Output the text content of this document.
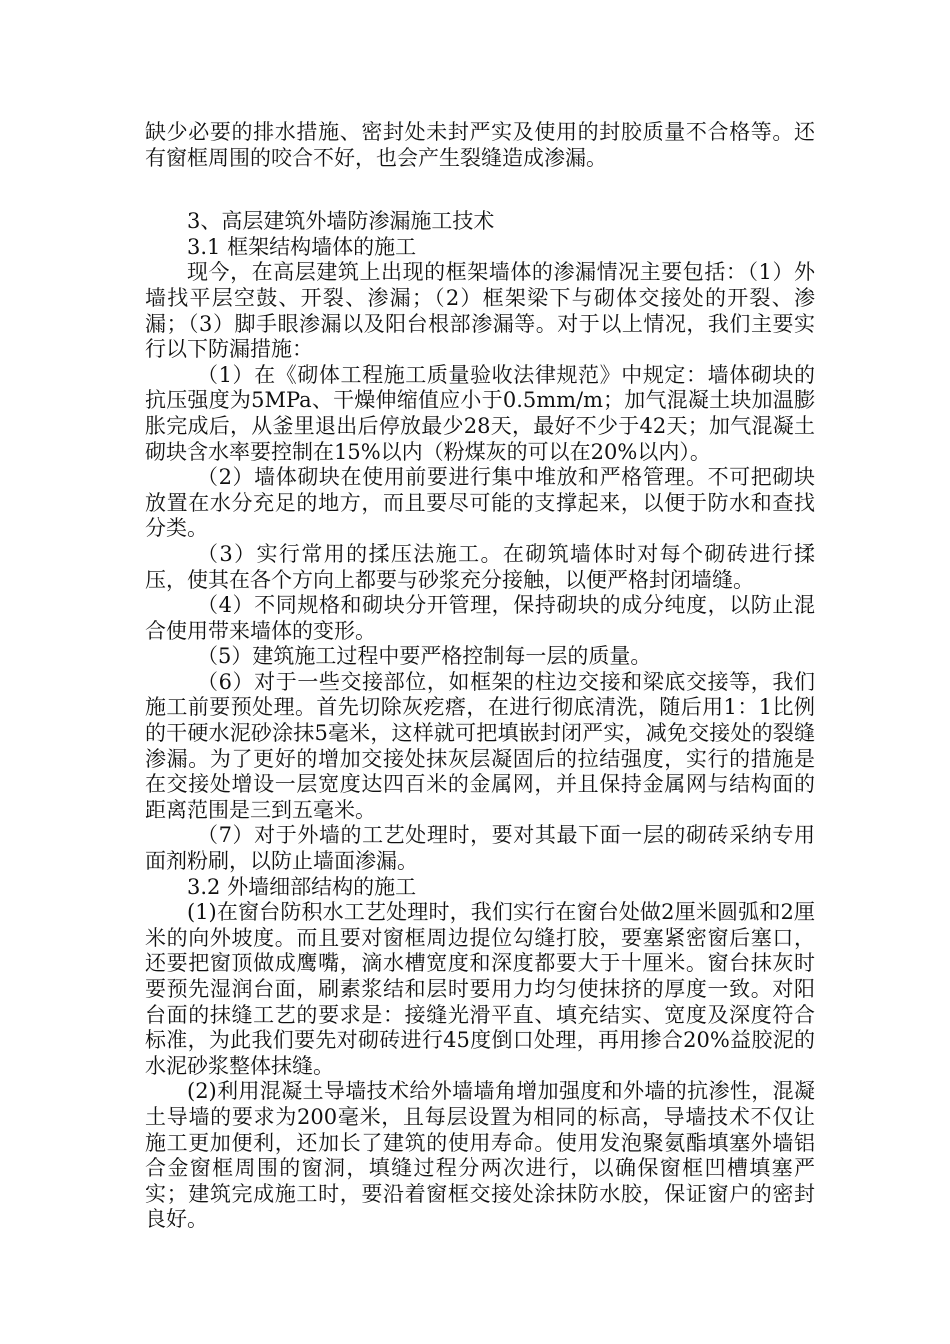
缺少必要的排水措施、密封处未封严实及使用的封胶质量不合格等。还有窗框周围的咬合不好，也会产生裂缝造成渗漏。

3、高层建筑外墙防渗漏施工技术

3.1 框架结构墙体的施工

现今，在高层建筑上出现的框架墙体的渗漏情况主要包括：（1）外墙找平层空鼓、开裂、渗漏；（2）框架梁下与砌体交接处的开裂、渗漏；（3）脚手眼渗漏以及阳台根部渗漏等。对于以上情况，我们主要实行以下防漏措施：

（1）在《砌体工程施工质量验收法律规范》中规定：墙体砌块的抗压强度为5MPa、干燥伸缩值应小于0.5mm/m；加气混凝土块加温膨胀完成后，从釜里退出后停放最少28天，最好不少于42天；加气混凝土砌块含水率要控制在15%以内（粉煤灰的可以在20%以内）。

（2）墙体砌块在使用前要进行集中堆放和严格管理。不可把砌块放置在水分充足的地方，而且要尽可能的支撑起来，以便于防水和查找分类。

（3）实行常用的揉压法施工。在砌筑墙体时对每个砌砖进行揉压，使其在各个方向上都要与砂浆充分接触，以便严格封闭墙缝。

（4）不同规格和砌块分开管理，保持砌块的成分纯度，以防止混合使用带来墙体的变形。

（5）建筑施工过程中要严格控制每一层的质量。

（6）对于一些交接部位，如框架的柱边交接和梁底交接等，我们施工前要预处理。首先切除灰疙瘩，在进行彻底清洗，随后用1：1比例的干硬水泥砂涂抹5毫米，这样就可把填嵌封闭严实，减免交接处的裂缝渗漏。为了更好的增加交接处抹灰层凝固后的拉结强度，实行的措施是在交接处增设一层宽度达四百米的金属网，并且保持金属网与结构面的距离范围是三到五毫米。

（7）对于外墙的工艺处理时，要对其最下面一层的砌砖采纳专用面剂粉刷，以防止墙面渗漏。

3.2 外墙细部结构的施工

(1)在窗台防积水工艺处理时，我们实行在窗台处做2厘米圆弧和2厘米的向外坡度。而且要对窗框周边提位勾缝打胶，要塞紧密窗后塞口，还要把窗顶做成鹰嘴，滴水槽宽度和深度都要大于十厘米。窗台抹灰时要预先湿润台面，刷素浆结和层时要用力均匀使抹挤的厚度一致。对阳台面的抹缝工艺的要求是：接缝光滑平直、填充结实、宽度及深度符合标准，为此我们要先对砌砖进行45度倒口处理，再用掺合20%益胶泥的水泥砂浆整体抹缝。

(2)利用混凝土导墙技术给外墙墙角增加强度和外墙的抗渗性，混凝土导墙的要求为200毫米，且每层设置为相同的标高，导墙技术不仅让施工更加便利，还加长了建筑的使用寿命。使用发泡聚氨酯填塞外墙铝合金窗框周围的窗洞，填缝过程分两次进行，以确保窗框凹槽填塞严实；建筑完成施工时，要沿着窗框交接处涂抹防水胶，保证窗户的密封良好。
